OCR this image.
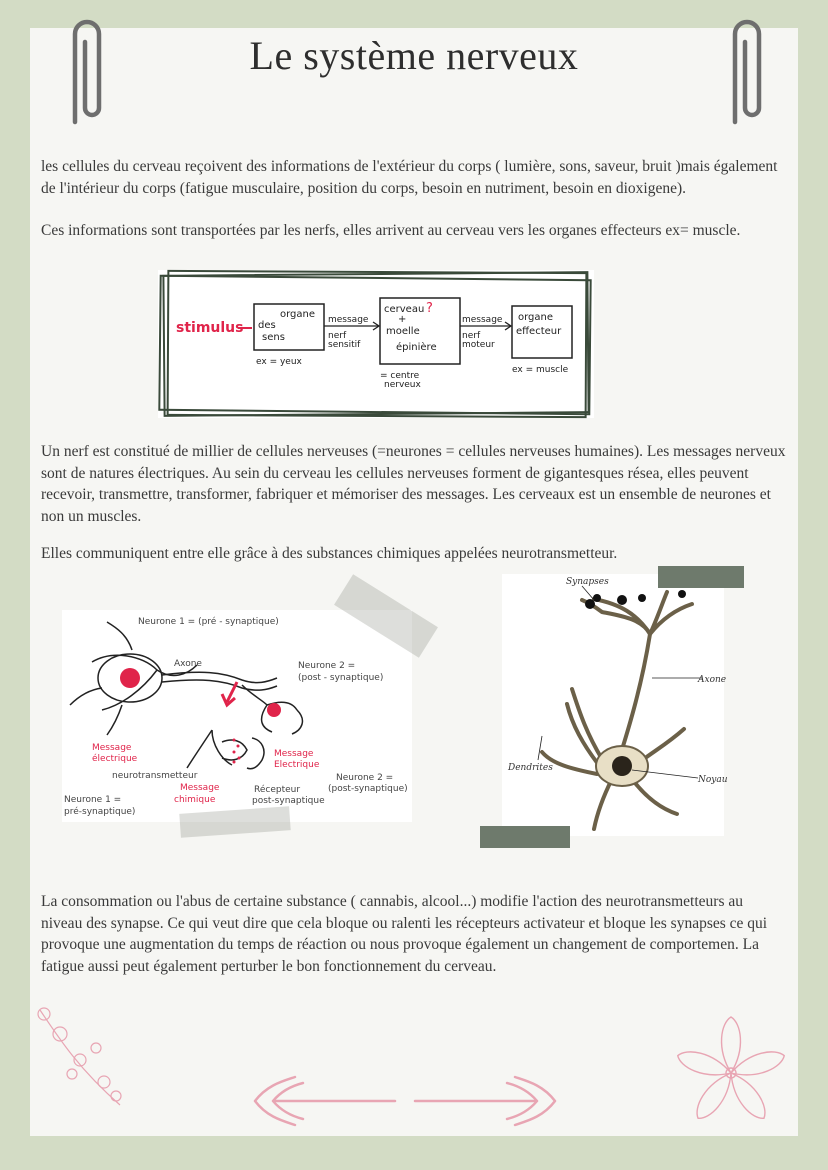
Le système nerveux

les cellules du cerveau reçoivent des informations de l'extérieur du corps ( lumière, sons, saveur, bruit )mais également de l'intérieur du corps (fatigue musculaire, position du corps, besoin en nutriment, besoin en dioxigene).

Ces informations sont transportées par les nerfs, elles arrivent au cerveau vers les organes effecteurs ex= muscle.

stimulus
organe
des
sens
ex = yeux
message
nerf
sensitif
cerveau ?
+
moelle
épinière
= centre
nerveux
message
nerf
moteur
organe
effecteur
ex = muscle

Un nerf est constitué de millier de cellules nerveuses (=neurones = cellules nerveuses humaines). Les messages nerveux sont de natures électriques. Au sein du cerveau les cellules nerveuses forment de gigantesques résea, elles peuvent recevoir, transmettre, transformer, fabriquer et mémoriser des messages. Les cerveaux est un ensemble de neurones et non un muscles.

Elles communiquent entre elle grâce à des substances chimiques appelées neurotransmetteur.

Neurone 1 = (pré - synaptique)
Axone	Neurone 2 =
(post - synaptique)
Message
électrique	Message
Electrique
neurotransmetteur
Message
chimique
Récepteur
post-synaptique
Neurone 2 =
(post-synaptique)
Neurone 1 =
pré-synaptique)
Synapses
Axone
Dendrites
Noyau

La consommation ou l'abus de certaine substance ( cannabis, alcool...) modifie l'action des neurotransmetteurs au niveau des synapse. Ce qui veut dire que cela bloque ou ralenti les récepteurs activateur et bloque les synapses ce qui provoque une augmentation du temps de réaction ou nous provoque également un changement de comportemen. La fatigue aussi peut également perturber le bon fonctionnement du cerveau.
